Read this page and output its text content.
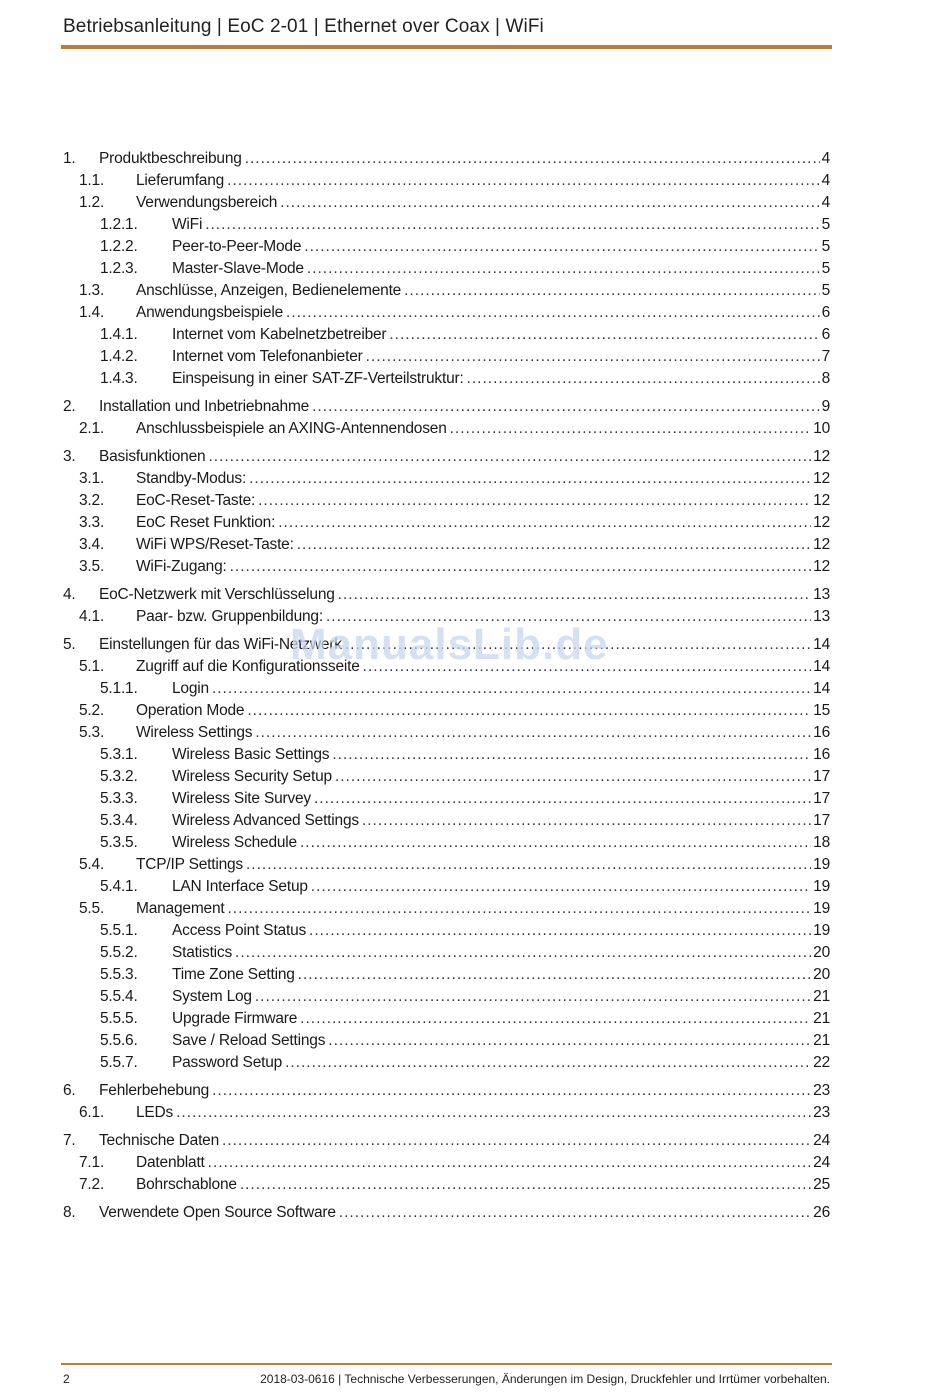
Betriebsanleitung | EoC 2-01 | Ethernet over Coax | WiFi
1.	Produktbeschreibung .....	4
1.1.	Lieferumfang .....	4
1.2.	Verwendungsbereich .....	4
1.2.1.	WiFi .....	5
1.2.2.	Peer-to-Peer-Mode .....	5
1.2.3.	Master-Slave-Mode .....	5
1.3.	Anschlüsse, Anzeigen, Bedienelemente .....	5
1.4.	Anwendungsbeispiele .....	6
1.4.1.	Internet vom Kabelnetzbetreiber .....	6
1.4.2.	Internet vom Telefonanbieter .....	7
1.4.3.	Einspeisung in einer SAT-ZF-Verteilstruktur: .....	8
2.	Installation und Inbetriebnahme .....	9
2.1.	Anschlussbeispiele an AXING-Antennendosen .....	10
3.	Basisfunktionen .....	12
3.1.	Standby-Modus: .....	12
3.2.	EoC-Reset-Taste: .....	12
3.3.	EoC Reset Funktion: .....	12
3.4.	WiFi WPS/Reset-Taste: .....	12
3.5.	WiFi-Zugang: .....	12
4.	EoC-Netzwerk mit Verschlüsselung .....	13
4.1.	Paar- bzw. Gruppenbildung: .....	13
5.	Einstellungen für das WiFi-Netzwerk .....	14
5.1.	Zugriff auf die Konfigurationsseite .....	14
5.1.1.	Login .....	14
5.2.	Operation Mode .....	15
5.3.	Wireless Settings .....	16
5.3.1.	Wireless Basic Settings .....	16
5.3.2.	Wireless Security Setup .....	17
5.3.3.	Wireless Site Survey .....	17
5.3.4.	Wireless Advanced Settings .....	17
5.3.5.	Wireless Schedule .....	18
5.4.	TCP/IP Settings .....	19
5.4.1.	LAN Interface Setup .....	19
5.5.	Management .....	19
5.5.1.	Access Point Status .....	19
5.5.2.	Statistics .....	20
5.5.3.	Time Zone Setting .....	20
5.5.4.	System Log .....	21
5.5.5.	Upgrade Firmware .....	21
5.5.6.	Save / Reload Settings .....	21
5.5.7.	Password Setup .....	22
6.	Fehlerbehebung .....	23
6.1.	LEDs .....	23
7.	Technische Daten .....	24
7.1.	Datenblatt .....	24
7.2.	Bohrschablone .....	25
8.	Verwendete Open Source Software .....	26
ManualsLib.de
2	2018-03-0616 | Technische Verbesserungen, Änderungen im Design, Druckfehler und Irrtümer vorbehalten.
